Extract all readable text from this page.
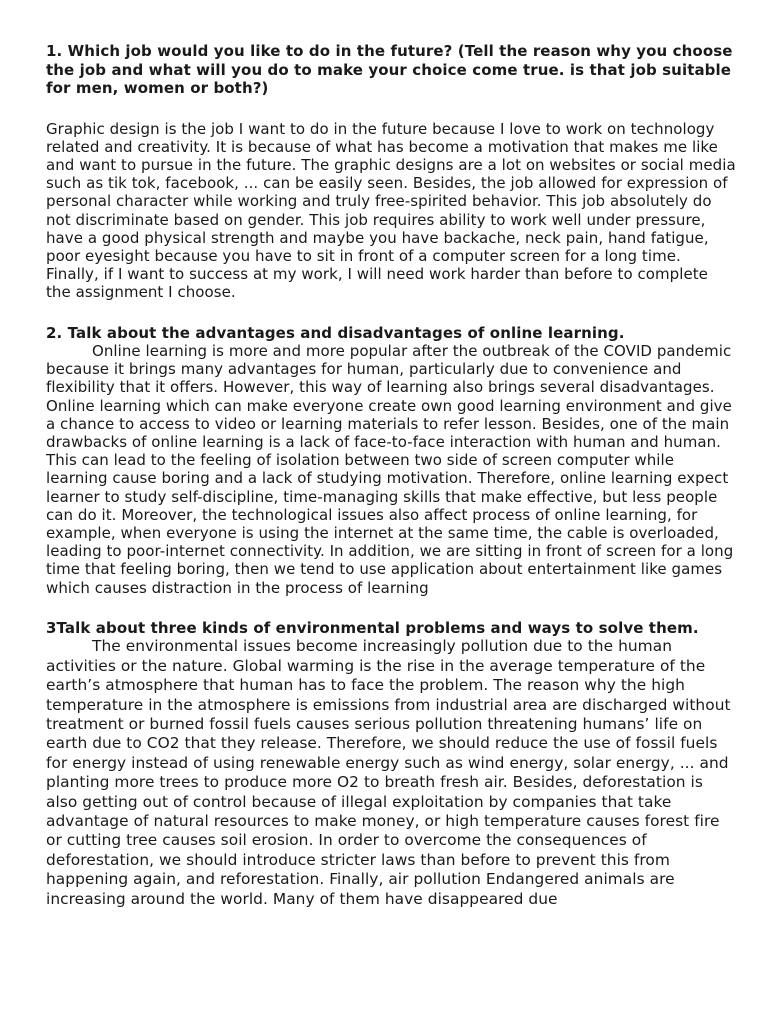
1. Which job would you like to do in the future? (Tell the reason why you choose the job and what will you do to make your choice come true. is that job suitable for men, women or both?)

Graphic design is the job I want to do in the future because I love to work on technology related and creativity. It is because of what has become a motivation that makes me like and want to pursue in the future. The graphic designs are a lot on websites or social media such as tik tok, facebook, ... can be easily seen. Besides, the job allowed for expression of personal character while working and truly free-spirited behavior. This job absolutely do not discriminate based on gender. This job requires ability to work well under pressure, have a good physical strength and maybe you have backache, neck pain, hand fatigue, poor eyesight because you have to sit in front of a computer screen for a long time. Finally, if I want to success at my work, I will need work harder than before to complete the assignment I choose.

2. Talk about the advantages and disadvantages of online learning.

Online learning is more and more popular after the outbreak of the COVID pandemic because it brings many advantages for human, particularly due to convenience and flexibility that it offers. However, this way of learning also brings several disadvantages. Online learning which can make everyone create own good learning environment and give a chance to access to video or learning materials to refer lesson. Besides, one of the main drawbacks of online learning is a lack of face-to-face interaction with human and human. This can lead to the feeling of isolation between two side of screen computer while learning cause boring and a lack of studying motivation. Therefore, online learning expect learner to study self-discipline, time-managing skills that make effective, but less people can do it. Moreover, the technological issues also affect process of online learning, for example, when everyone is using the internet at the same time, the cable is overloaded, leading to poor-internet connectivity. In addition, we are sitting in front of screen for a long time that feeling boring, then we tend to use application about entertainment like games which causes distraction in the process of learning

3Talk about three kinds of environmental problems and ways to solve them.

The environmental issues become increasingly pollution due to the human activities or the nature. Global warming is the rise in the average temperature of the earth’s atmosphere that human has to face the problem. The reason why the high temperature in the atmosphere is emissions from industrial area are discharged without treatment or burned fossil fuels causes serious pollution threatening humans’ life on earth due to CO2 that they release. Therefore, we should reduce the use of fossil fuels for energy instead of using renewable energy such as wind energy, solar energy, ... and planting more trees to produce more O2 to breath fresh air. Besides, deforestation is also getting out of control because of illegal exploitation by companies that take advantage of natural resources to make money, or high temperature causes forest fire or cutting tree causes soil erosion. In order to overcome the consequences of deforestation, we should introduce stricter laws than before to prevent this from happening again, and reforestation. Finally, air pollution Endangered animals are increasing around the world. Many of them have disappeared due
